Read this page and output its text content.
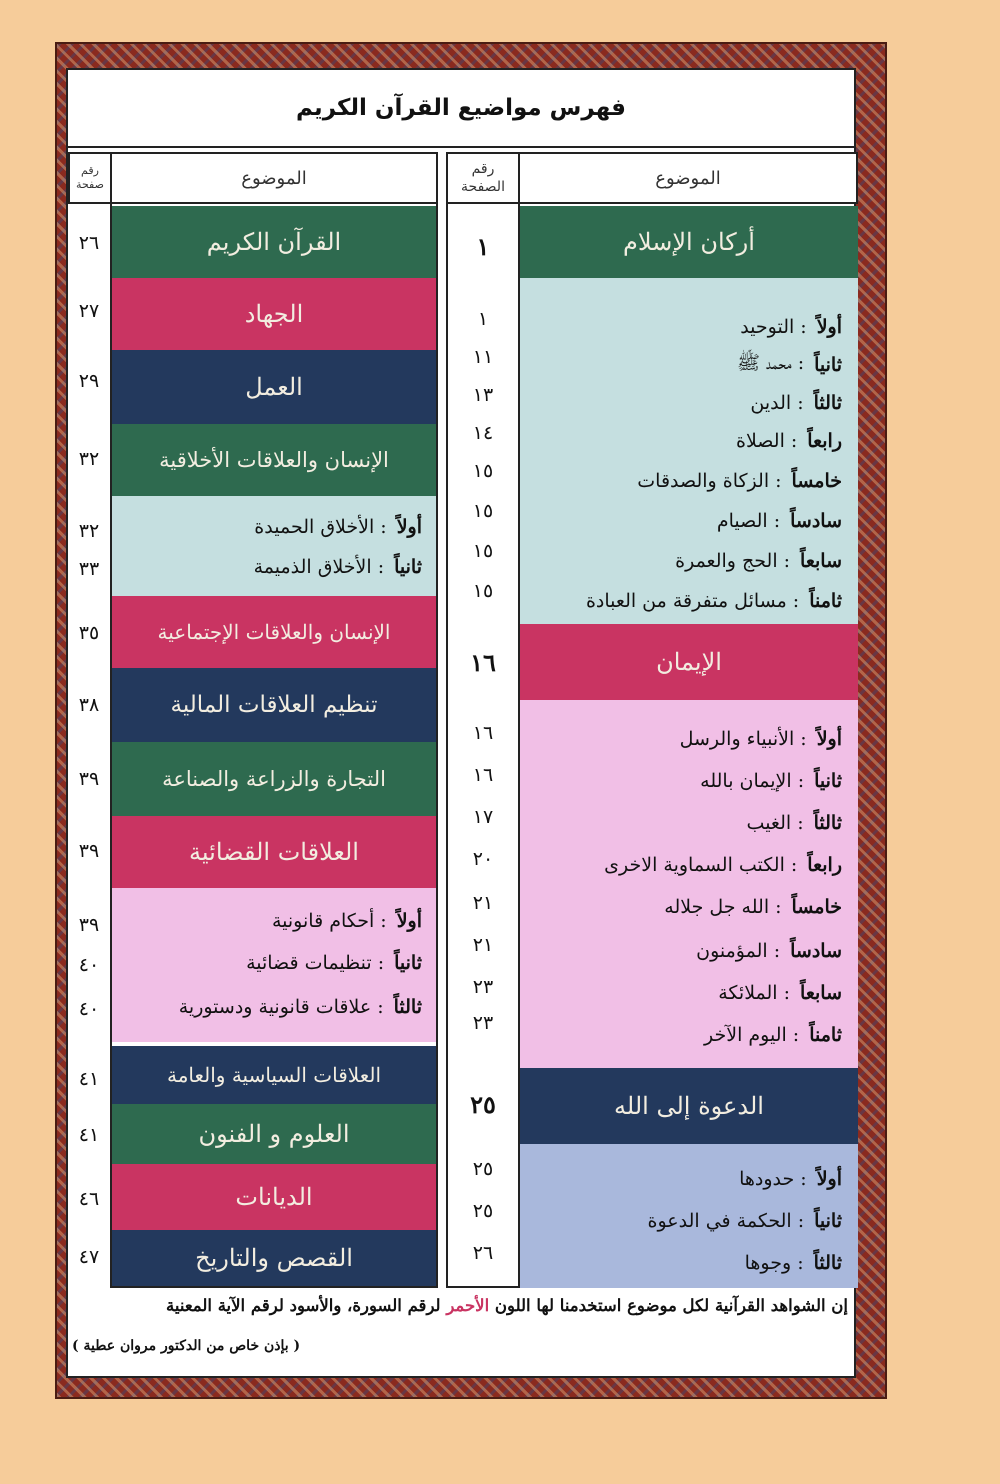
فهرس مواضيع القرآن الكريم
الموضوع
رقم
الصفحة
١
١
١١
١٣
١٤
١٥
١٥
١٥
١٥
١٦
١٦
١٦
١٧
٢٠
٢١
٢١
٢٣
٢٣
٢٥
٢٥
٢٥
٢٦
أركان الإسلام
أولاً
: التوحيد
ثانياً
: محمد ﷺ
ثالثاً
: الدين
رابعاً
: الصلاة
خامساً
: الزكاة والصدقات
سادساً
: الصيام
سابعاً
: الحج والعمرة
ثامناً
: مسائل متفرقة من العبادة
الإيمان
أولاً
: الأنبياء والرسل
ثانياً
: الإيمان بالله
ثالثاً
: الغيب
رابعاً
: الكتب السماوية الاخرى
خامساً
: الله جل جلاله
سادساً
: المؤمنون
سابعاً
: الملائكة
ثامناً
: اليوم الآخر
الدعوة إلى الله
أولاً
: حدودها
ثانياً
: الحكمة في الدعوة
ثالثاً
: وجوها
الموضوع
رقم
صفحة
٢٦
٢٧
٢٩
٣٢
٣٢
٣٣
٣٥
٣٨
٣٩
٣٩
٣٩
٤٠
٤٠
٤١
٤١
٤٦
٤٧
القرآن الكريم
الجهاد
العمل
الإنسان والعلاقات الأخلاقية
أولاً
: الأخلاق الحميدة
ثانياً
: الأخلاق الذميمة
الإنسان والعلاقات الإجتماعية
تنظيم العلاقات المالية
التجارة والزراعة والصناعة
العلاقات القضائية
أولاً
: أحكام قانونية
ثانياً
: تنظيمات قضائية
ثالثاً
: علاقات قانونية ودستورية
العلاقات السياسية والعامة
العلوم و الفنون
الديانات
القصص والتاريخ
إن الشواهد القرآنية لكل موضوع استخدمنا لها اللون الأحمر لرقم السورة، والأسود لرقم الآية المعنية
( بإذن خاص من الدكتور مروان عطية )
